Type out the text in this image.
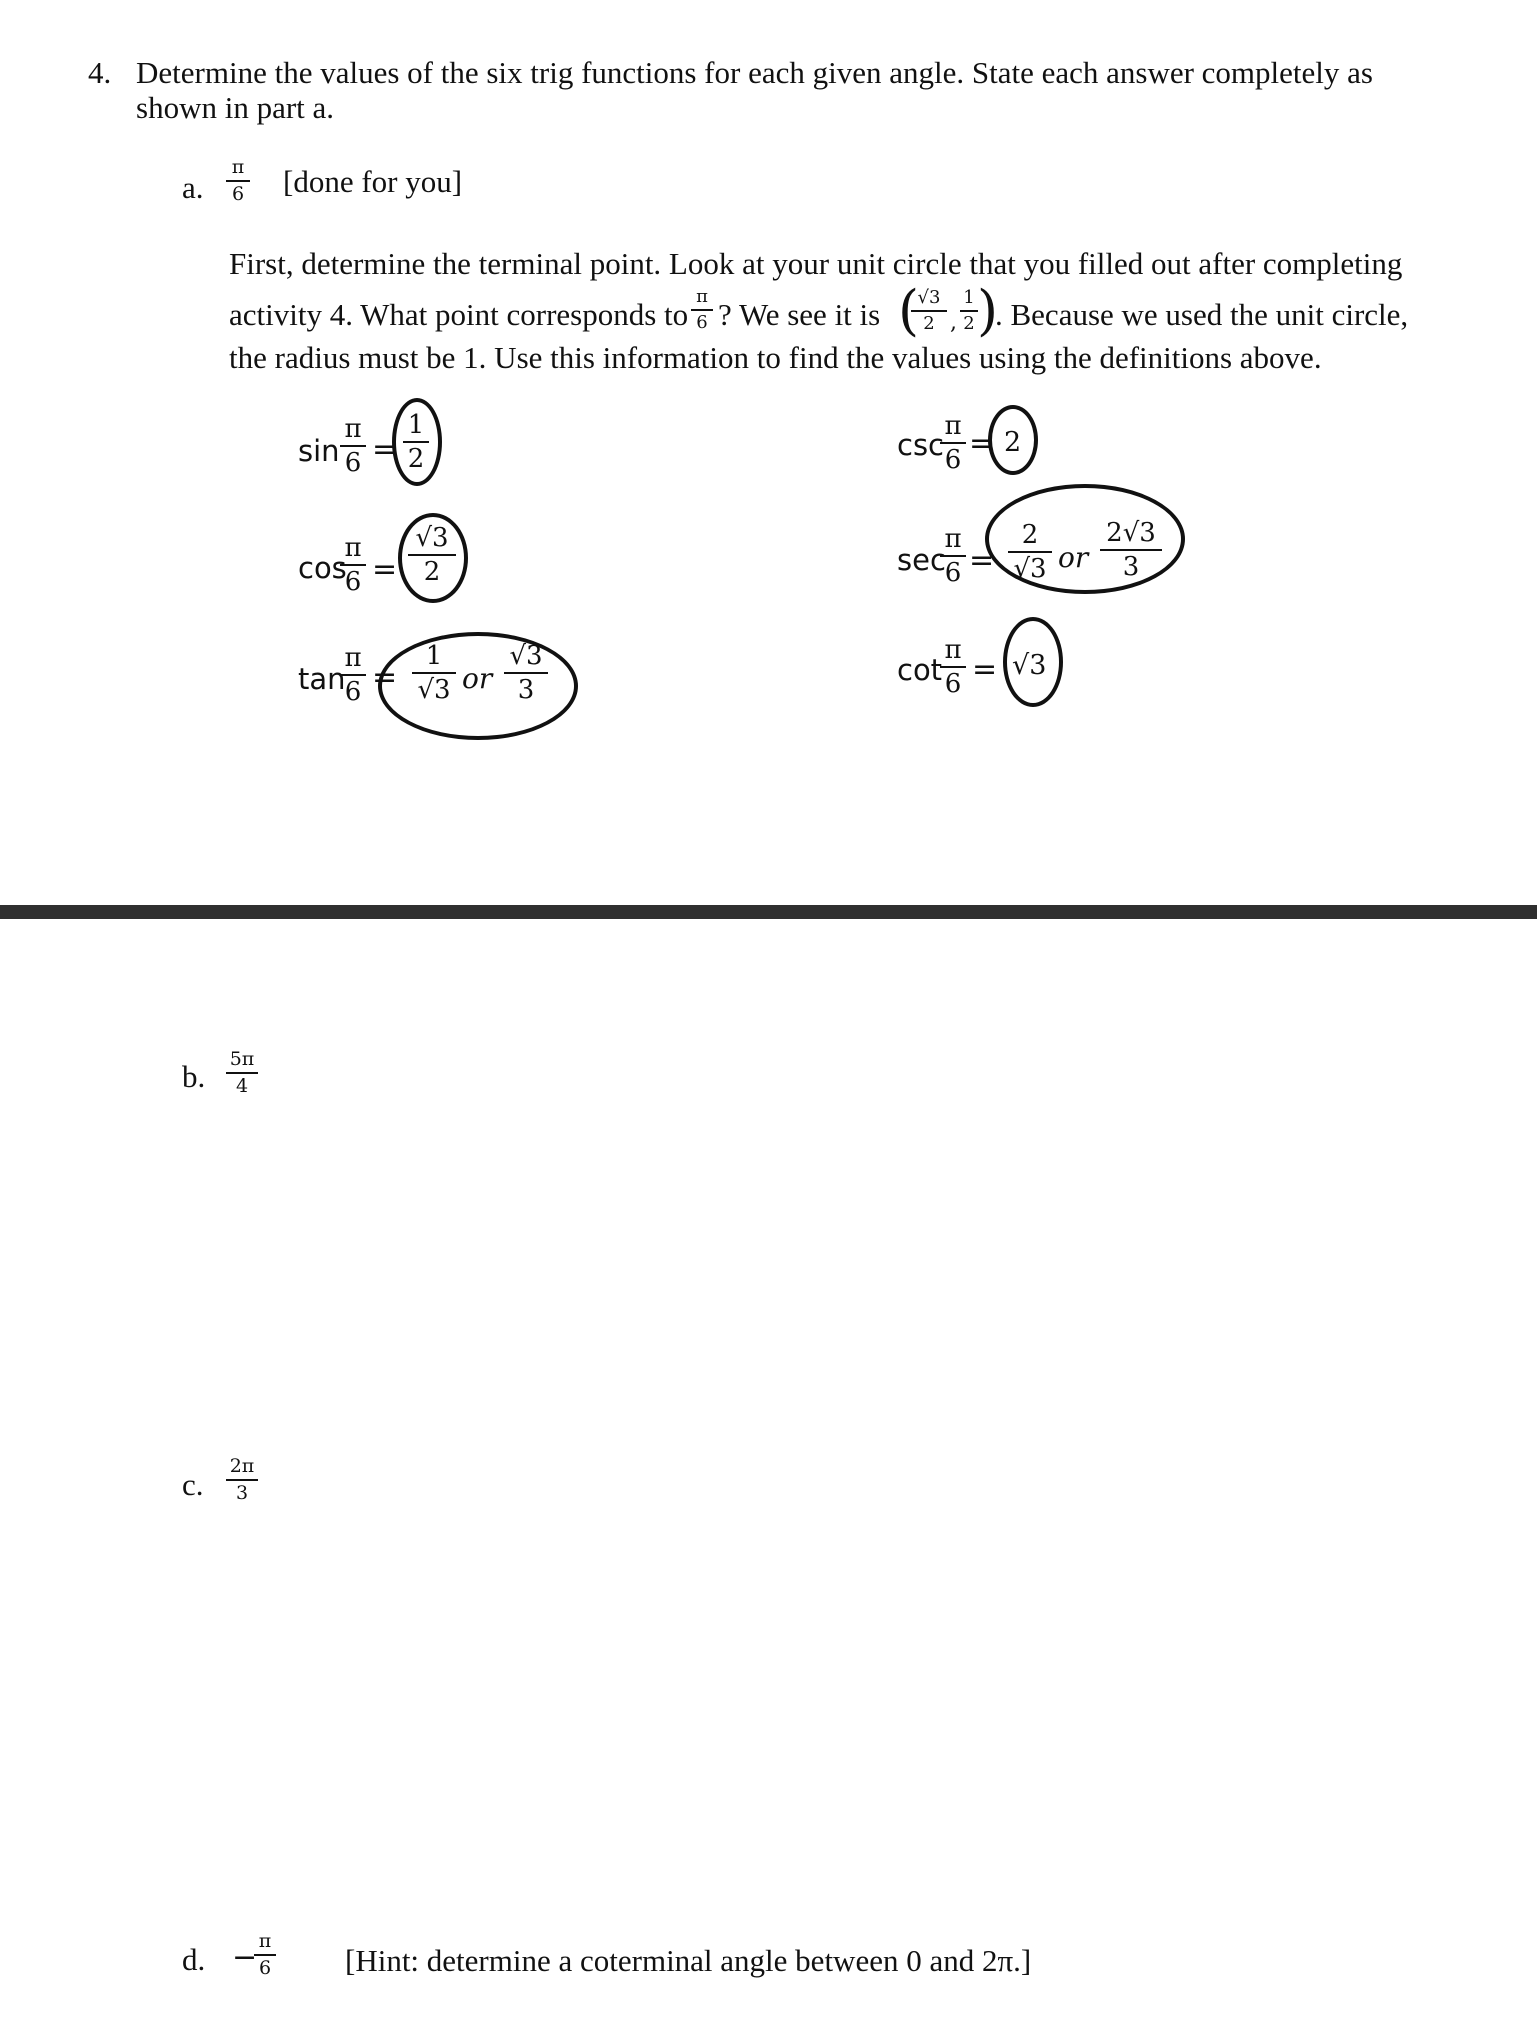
4. Determine the values of the six trig functions for each given angle. State each answer completely as
shown in part a.
a.
π
6 [done for you]
First, determine the terminal point. Look at your unit circle that you filled out after completing
activity 4. What point corresponds to
π
6 ? We see it is (
√3
2 ,
1
2 )
. Because we used the unit circle,
the radius must be 1. Use this information to find the values using the definitions above.
sin
π
6 =
1
2
cos
π
6 =
√3
2
tan
π
6 =
1
√3 or
√3
3
csc
π
6 = 2
sec
π
6 =
2
√3 or
2√3
3
cot
π
6 = √3
b. 5π
4
c.
2π
3
d. − π
6 [Hint: determine a coterminal angle between 0 and 2π.]
